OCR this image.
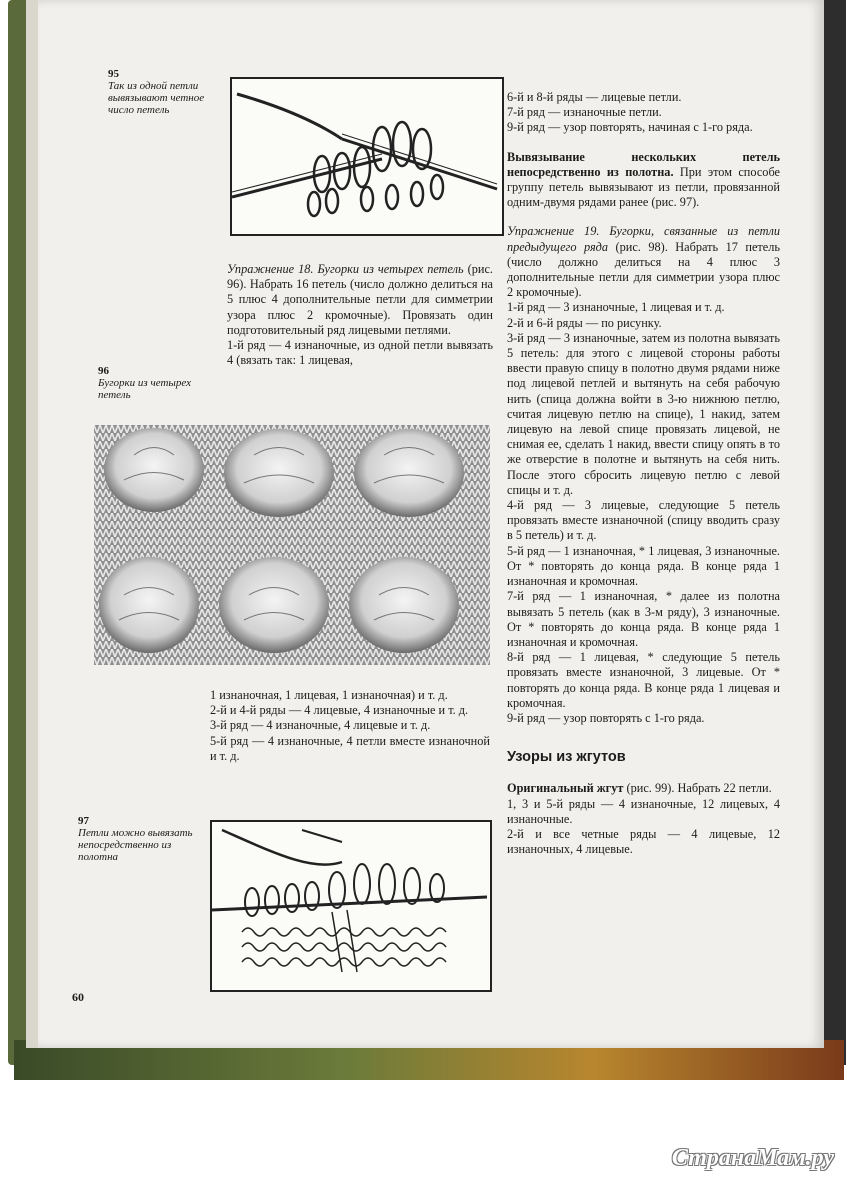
95
Так из одной петли вывязывают четное число петель
96
Бугорки из четырех петель

Упражнение 18. Бугорки из четырех петель (рис. 96). Набрать 16 петель (число должно делиться на 5 плюс 4 дополнительные петли для симметрии узора плюс 2 кромочные). Провязать один подготовительный ряд лицевыми петлями.

1-й ряд — 4 изнаночные, из одной петли вывязать 4 (вязать так: 1 лицевая,

1 изнаночная, 1 лицевая, 1 изнаночная) и т. д.

2-й и 4-й ряды — 4 лицевые, 4 изнаночные и т. д.

3-й ряд — 4 изнаночные, 4 лицевые и т. д.

5-й ряд — 4 изнаночные, 4 петли вместе изнаночной и т. д.

97
Петли можно вывязать непосредственно из полотна

6-й и 8-й ряды — лицевые петли.

7-й ряд — изнаночные петли.

9-й ряд — узор повторять, начиная с 1-го ряда.

Вывязывание нескольких петель непосредственно из полотна. При этом способе группу петель вывязывают из петли, провязанной одним-двумя рядами ранее (рис. 97).

Упражнение 19. Бугорки, связанные из петли предыдущего ряда (рис. 98). Набрать 17 петель (число должно делиться на 4 плюс 3 дополнительные петли для симметрии узора плюс 2 кромочные).

1-й ряд — 3 изнаночные, 1 лицевая и т. д.

2-й и 6-й ряды — по рисунку.

3-й ряд — 3 изнаночные, затем из полотна вывязать 5 петель: для этого с лицевой стороны работы ввести правую спицу в полотно двумя рядами ниже под лицевой петлей и вытянуть на себя рабочую нить (спица должна войти в 3-ю нижнюю петлю, считая лицевую петлю на спице), 1 накид, затем лицевую на левой спице провязать лицевой, не снимая ее, сделать 1 накид, ввести спицу опять в то же отверстие в полотне и вытянуть на себя нить. После этого сбросить лицевую петлю с левой спицы и т. д.

4-й ряд — 3 лицевые, следующие 5 петель провязать вместе изнаночной (спицу вводить сразу в 5 петель) и т. д.

5-й ряд — 1 изнаночная, * 1 лицевая, 3 изнаночные. От * повторять до конца ряда. В конце ряда 1 изнаночная и кромочная.

7-й ряд — 1 изнаночная, * далее из полотна вывязать 5 петель (как в 3-м ряду), 3 изнаночные. От * повторять до конца ряда. В конце ряда 1 изнаночная и кромочная.

8-й ряд — 1 лицевая, * следующие 5 петель провязать вместе изнаночной, 3 лицевые. От * повторять до конца ряда. В конце ряда 1 лицевая и кромочная.

9-й ряд — узор повторять с 1-го ряда.

Узоры из жгутов

Оригинальный жгут (рис. 99). Набрать 22 петли.

1, 3 и 5-й ряды — 4 изнаночные, 12 лицевых, 4 изнаночные.

2-й и все четные ряды — 4 лицевые, 12 изнаночных, 4 лицевые.

60
СтранаМам.ру
